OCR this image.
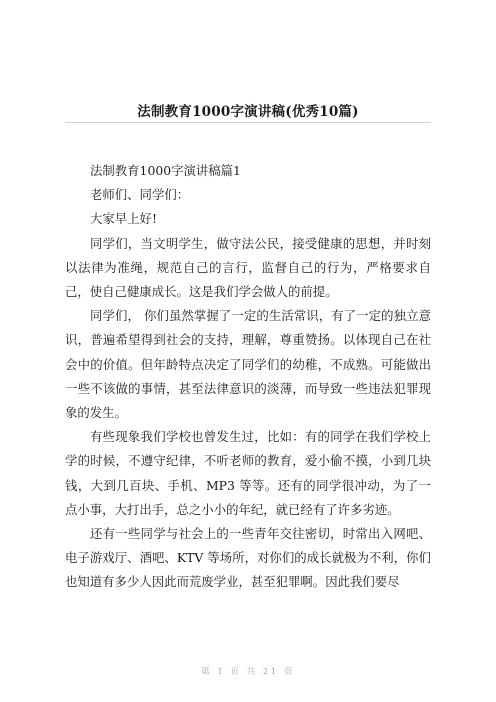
法制教育1000字演讲稿(优秀10篇)

法制教育1000字演讲稿篇1

老师们、同学们：

大家早上好!

同学们，当文明学生，做守法公民，接受健康的思想，并时刻以法律为准绳，规范自己的言行，监督自己的行为，严格要求自己，使自己健康成长。这是我们学会做人的前提。

同学们， 你们虽然掌握了一定的生活常识，有了一定的独立意识，普遍希望得到社会的支持，理解，尊重赞扬。以体现自己在社会中的价值。但年龄特点决定了同学们的幼稚，不成熟。可能做出一些不该做的事情，甚至法律意识的淡薄，而导致一些违法犯罪现象的发生。

有些现象我们学校也曾发生过，比如：有的同学在我们学校上学的时候，不遵守纪律，不听老师的教育，爱小偷不摸，小到几块钱，大到几百块、手机、MP3 等等。还有的同学很冲动，为了一点小事，大打出手，总之小小的年纪，就已经有了许多劣迹。

还有一些同学与社会上的一些青年交往密切，时常出入网吧、电子游戏厅、酒吧、KTV 等场所，对你们的成长就极为不利，你们也知道有多少人因此而荒废学业，甚至犯罪啊。因此我们要尽

第 1 页 共 21 页
